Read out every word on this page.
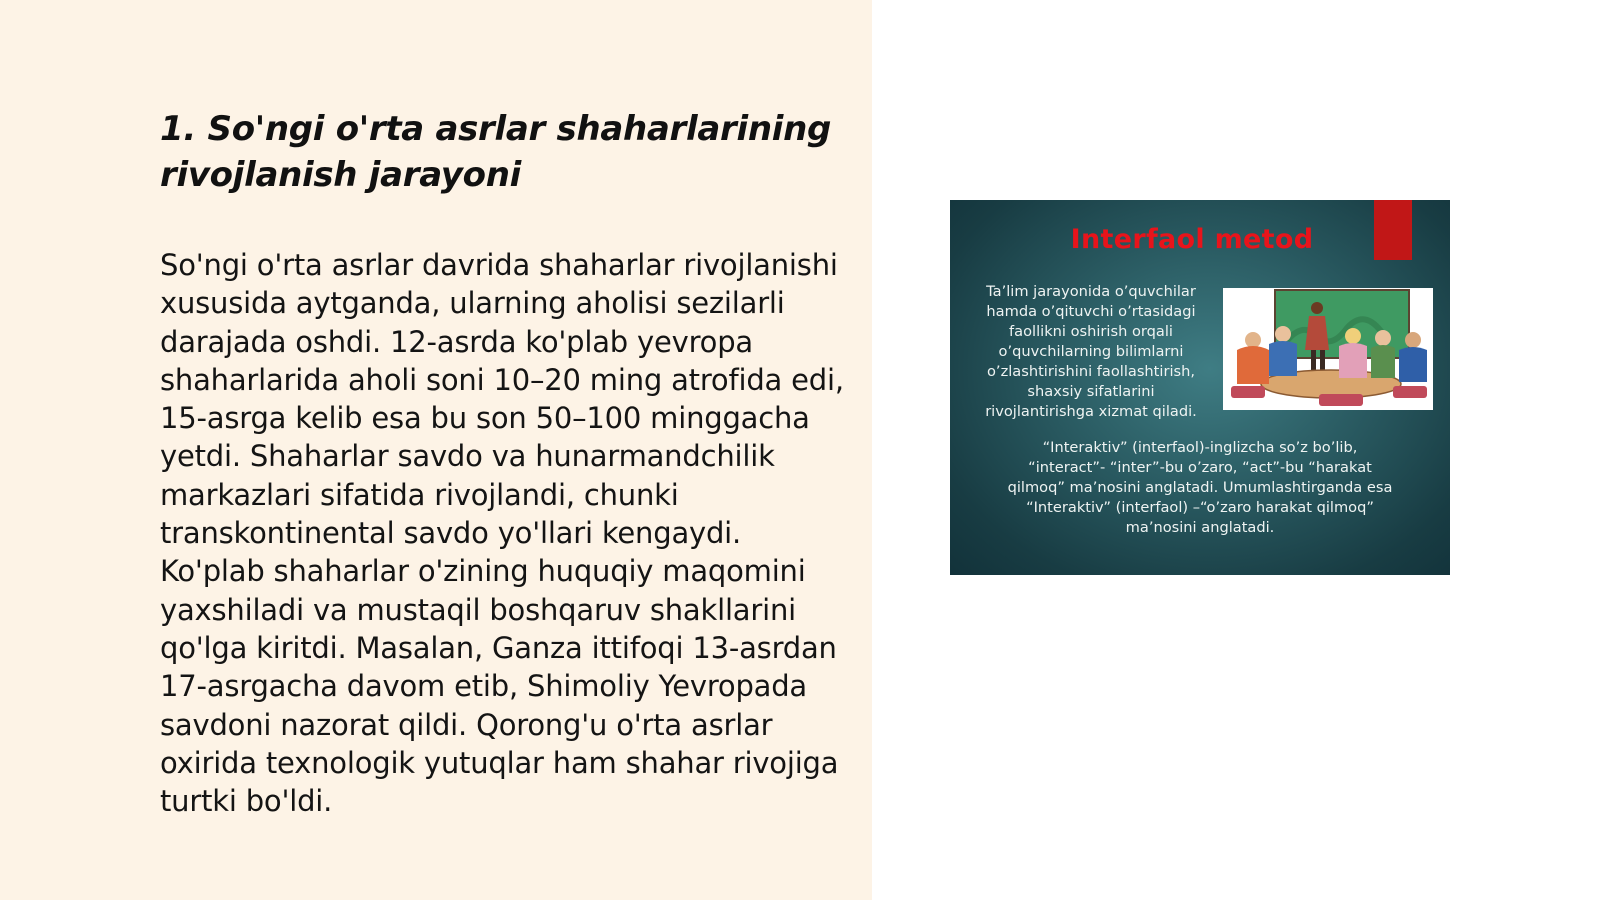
1. So'ngi o'rta asrlar shaharlarining rivojlanish jarayoni

So'ngi o'rta asrlar davrida shaharlar rivojlanishi xususida aytganda, ularning aholisi sezilarli darajada oshdi. 12-asrda ko'plab yevropa shaharlarida aholi soni 10–20 ming atrofida edi, 15-asrga kelib esa bu son 50–100 minggacha yetdi. Shaharlar savdo va hunarmandchilik markazlari sifatida rivojlandi, chunki transkontinental savdo yo'llari kengaydi. Ko'plab shaharlar o'zining huquqiy maqomini yaxshiladi va mustaqil boshqaruv shakllarini qo'lga kiritdi. Masalan, Ganza ittifoqi 13-asrdan 17-asrgacha davom etib, Shimoliy Yevropada savdoni nazorat qildi. Qorong'u o'rta asrlar oxirida texnologik yutuqlar ham shahar rivojiga turtki bo'ldi.

Interfaol metod

Ta’lim jarayonida o’quvchilar
hamda o’qituvchi o’rtasidagi
faollikni oshirish orqali
o’quvchilarning bilimlarni
o’zlashtirishini faollashtirish,
shaxsiy sifatlarini
rivojlantirishga xizmat qiladi.

“Interaktiv” (interfaol)-inglizcha so’z bo’lib,
“interact”- “inter”-bu o’zaro, “act”-bu “harakat
qilmoq” ma’nosini anglatadi. Umumlashtirganda esa
“Interaktiv” (interfaol) –“o’zaro harakat qilmoq”
ma’nosini anglatadi.
